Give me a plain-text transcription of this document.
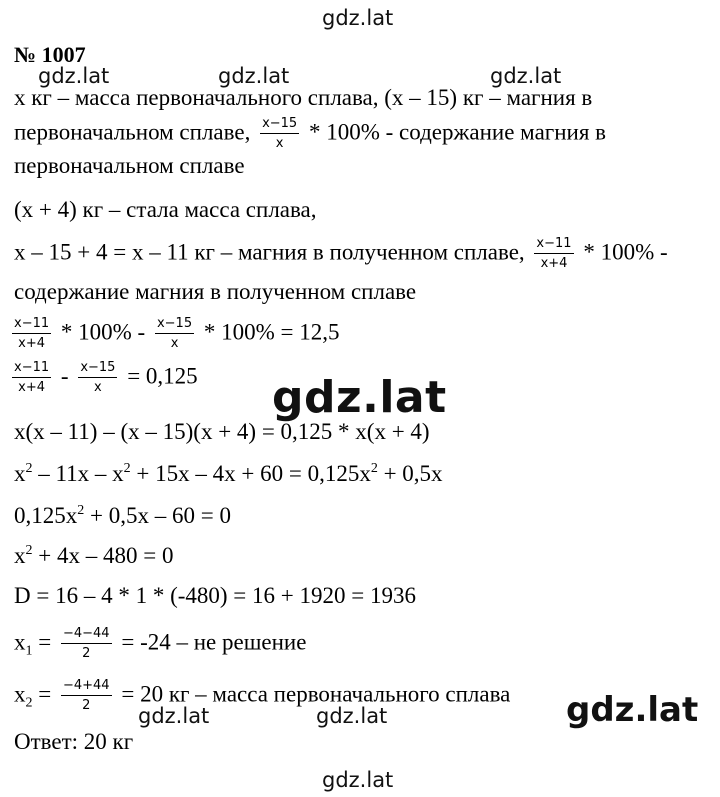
gdz.lat
gdz.lat	gdz.lat	gdz.lat
gdz.lat
gdz.lat
gdz.lat	gdz.lat
gdz.lat
№ 1007
x кг – масса первоначального сплава, (x – 15) кг – магния в
первоначальном сплаве, $\frac{x-15}{x} * 100\%$ - содержание магния в
первоначальном сплаве
(x + 4) кг – стала масса сплава,
x – 15 + 4 = x – 11 кг – магния в полученном сплаве, $\frac{x-11}{x+4} * 100\%$ -
содержание магния в полученном сплаве
$\frac{x-11}{x+4} * 100\% - \frac{x-15}{x} * 100\% = 12,5$
$\frac{x-11}{x+4} - \frac{x-15}{x} = 0,125$
x(x – 11) – (x – 15)(x + 4) = 0,125 * x(x + 4)
$x^2 - 11x - x^2 + 15x - 4x + 60 = 0,125x^2 + 0,5x$
$0,125x^2 + 0,5x - 60 = 0$
$x^2 + 4x - 480 = 0$
D = 16 – 4 * 1 * (-480) = 16 + 1920 = 1936
$x_1 = \frac{-4-44}{2} = -24$ – не решение
$x_2 = \frac{-4+44}{2} = 20$ кг – масса первоначального сплава
Ответ: 20 кг
